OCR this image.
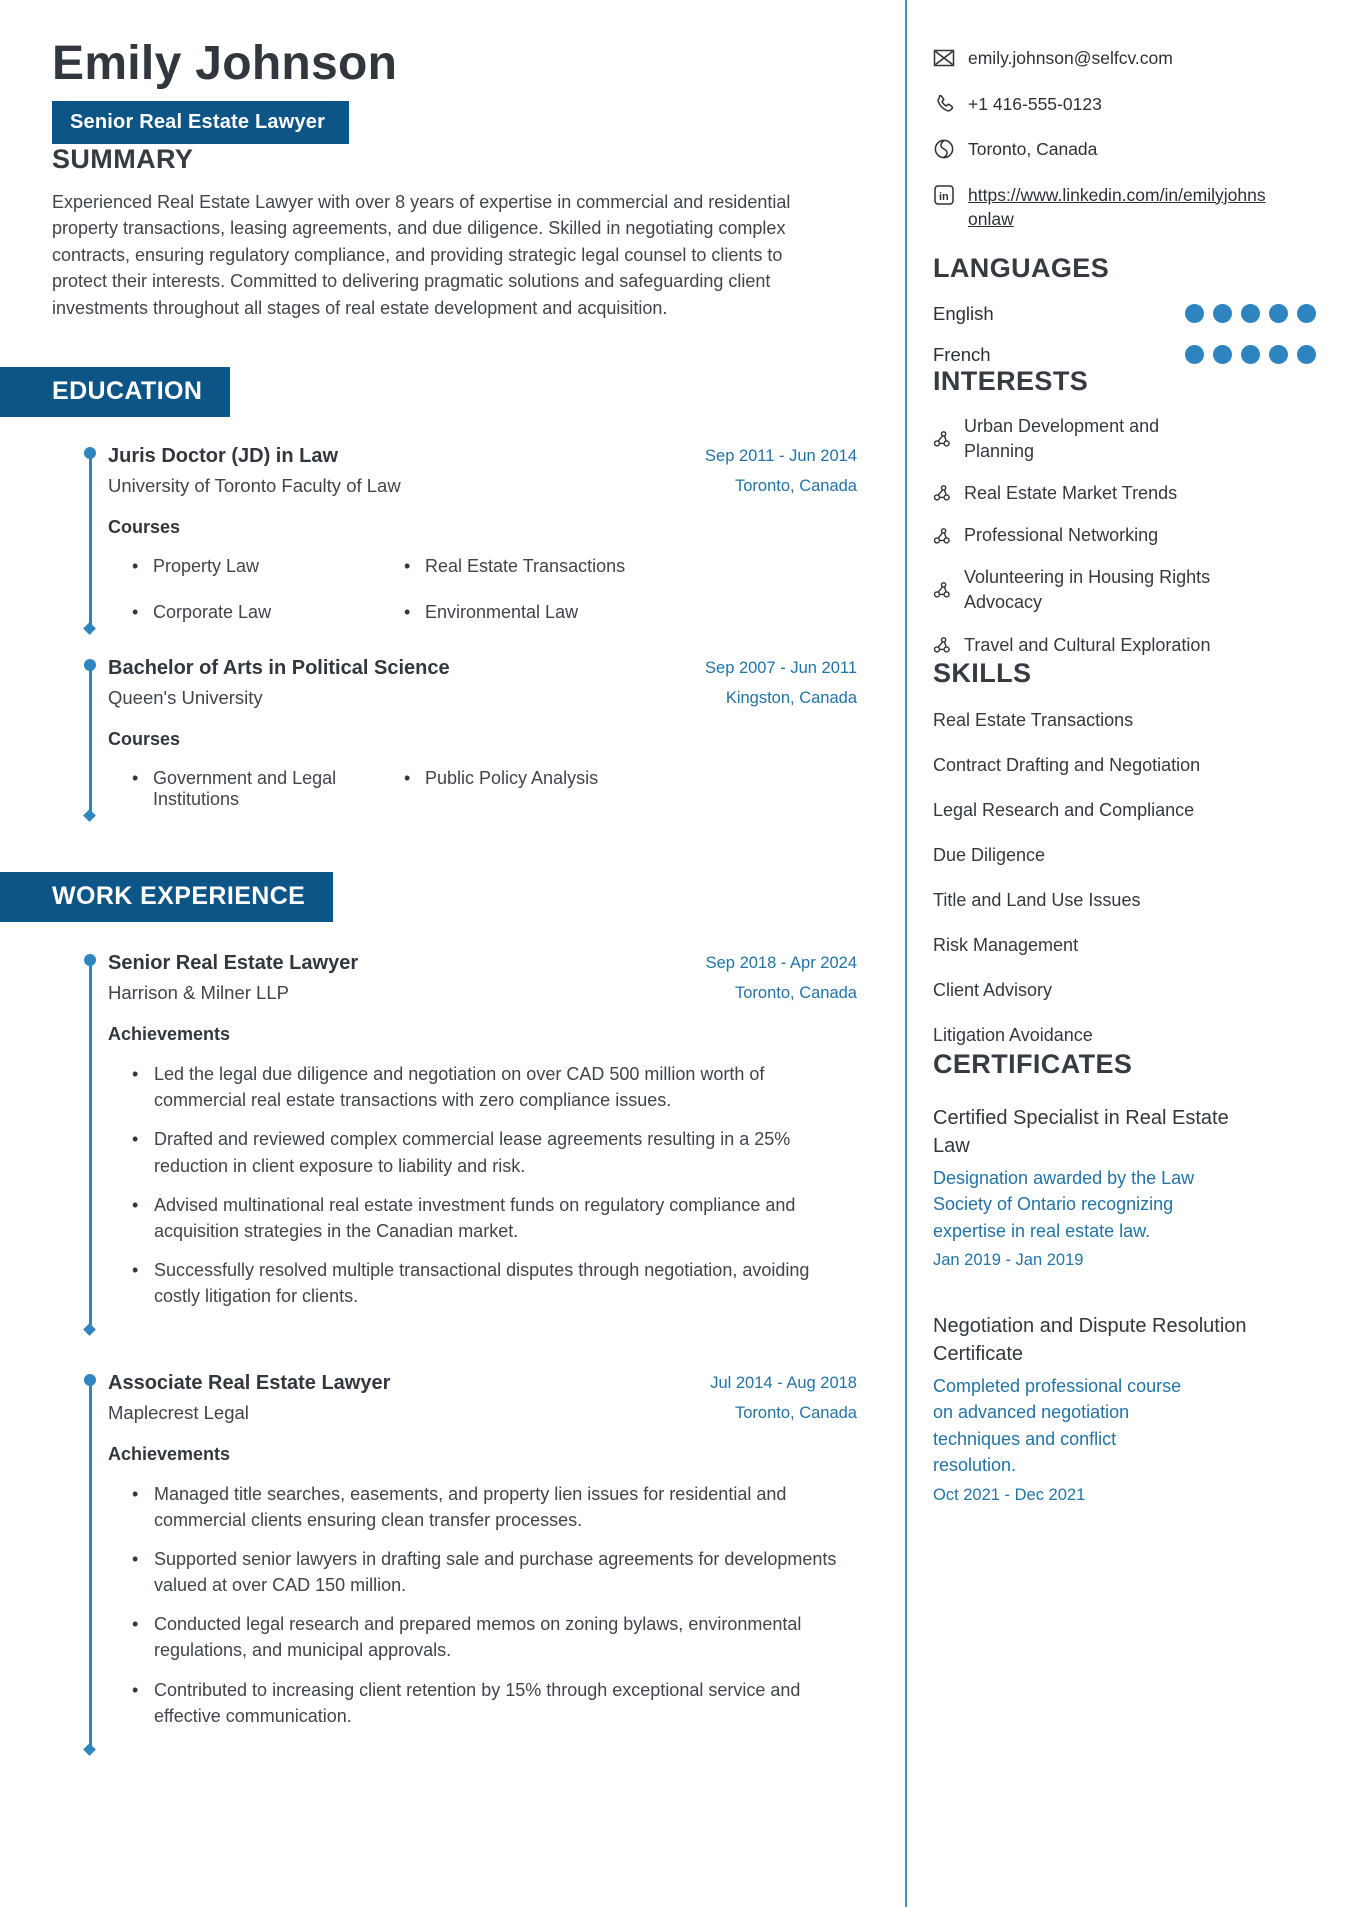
Emily Johnson
Senior Real Estate Lawyer
SUMMARY

Experienced Real Estate Lawyer with over 8 years of expertise in commercial and residential property transactions, leasing agreements, and due diligence. Skilled in negotiating complex contracts, ensuring regulatory compliance, and providing strategic legal counsel to clients to protect their interests. Committed to delivering pragmatic solutions and safeguarding client investments throughout all stages of real estate development and acquisition.

EDUCATION
Juris Doctor (JD) in Law
University of Toronto Faculty of Law
Sep 2011 - Jun 2014
Toronto, Canada
Courses
• Property Law	• Real Estate Transactions
• Corporate Law	• Environmental Law
Bachelor of Arts in Political Science
Queen's University
Sep 2007 - Jun 2011
Kingston, Canada
Courses
• Government and Legal Institutions
• Public Policy Analysis
WORK EXPERIENCE
Senior Real Estate Lawyer
Harrison & Milner LLP
Sep 2018 - Apr 2024
Toronto, Canada
Achievements
• Led the legal due diligence and negotiation on over CAD 500 million worth of commercial real estate transactions with zero compliance issues.
• Drafted and reviewed complex commercial lease agreements resulting in a 25% reduction in client exposure to liability and risk.
• Advised multinational real estate investment funds on regulatory compliance and acquisition strategies in the Canadian market.
• Successfully resolved multiple transactional disputes through negotiation, avoiding costly litigation for clients.
Associate Real Estate Lawyer
Maplecrest Legal
Jul 2014 - Aug 2018
Toronto, Canada
Achievements
• Managed title searches, easements, and property lien issues for residential and commercial clients ensuring clean transfer processes.
• Supported senior lawyers in drafting sale and purchase agreements for developments valued at over CAD 150 million.
• Conducted legal research and prepared memos on zoning bylaws, environmental regulations, and municipal approvals.
• Contributed to increasing client retention by 15% through exceptional service and effective communication.
emily.johnson@selfcv.com
+1 416-555-0123
Toronto, Canada
in https://www.linkedin.com/in/emilyjohnsonlaw
LANGUAGES
English
French
INTERESTS
Urban Development and Planning
Real Estate Market Trends
Professional Networking
Volunteering in Housing Rights Advocacy
Travel and Cultural Exploration
SKILLS
Real Estate Transactions
Contract Drafting and Negotiation
Legal Research and Compliance
Due Diligence
Title and Land Use Issues
Risk Management
Client Advisory
Litigation Avoidance
CERTIFICATES
Certified Specialist in Real Estate Law
Designation awarded by the Law Society of Ontario recognizing expertise in real estate law.
Jan 2019 - Jan 2019
Negotiation and Dispute Resolution Certificate
Completed professional course on advanced negotiation techniques and conflict resolution.
Oct 2021 - Dec 2021
